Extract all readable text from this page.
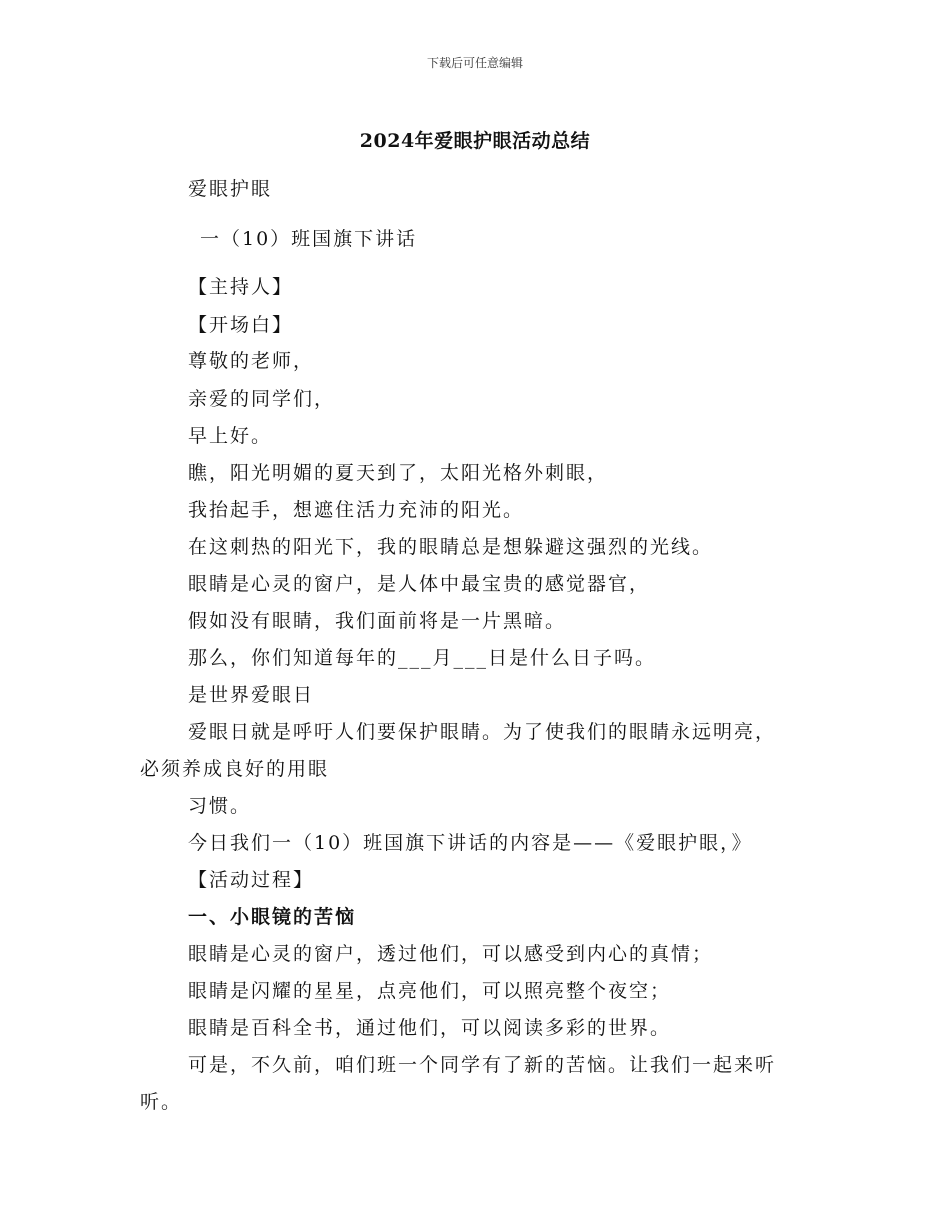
下载后可任意编辑
2024年爱眼护眼活动总结
爱眼护眼
一（10）班国旗下讲话
【主持人】
【开场白】
尊敬的老师，
亲爱的同学们，
早上好。
瞧，阳光明媚的夏天到了，太阳光格外刺眼，
我抬起手，想遮住活力充沛的阳光。
在这刺热的阳光下，我的眼睛总是想躲避这强烈的光线。
眼睛是心灵的窗户，是人体中最宝贵的感觉器官，
假如没有眼睛，我们面前将是一片黑暗。
那么，你们知道每年的___月___日是什么日子吗。
是世界爱眼日
爱眼日就是呼吁人们要保护眼睛。为了使我们的眼睛永远明亮，
必须养成良好的用眼
习惯。
今日我们一（10）班国旗下讲话的内容是——《爱眼护眼，》
【活动过程】
一、小眼镜的苦恼
眼睛是心灵的窗户，透过他们，可以感受到内心的真情；
眼睛是闪耀的星星，点亮他们，可以照亮整个夜空；
眼睛是百科全书，通过他们，可以阅读多彩的世界。
可是，不久前，咱们班一个同学有了新的苦恼。让我们一起来听
听。
